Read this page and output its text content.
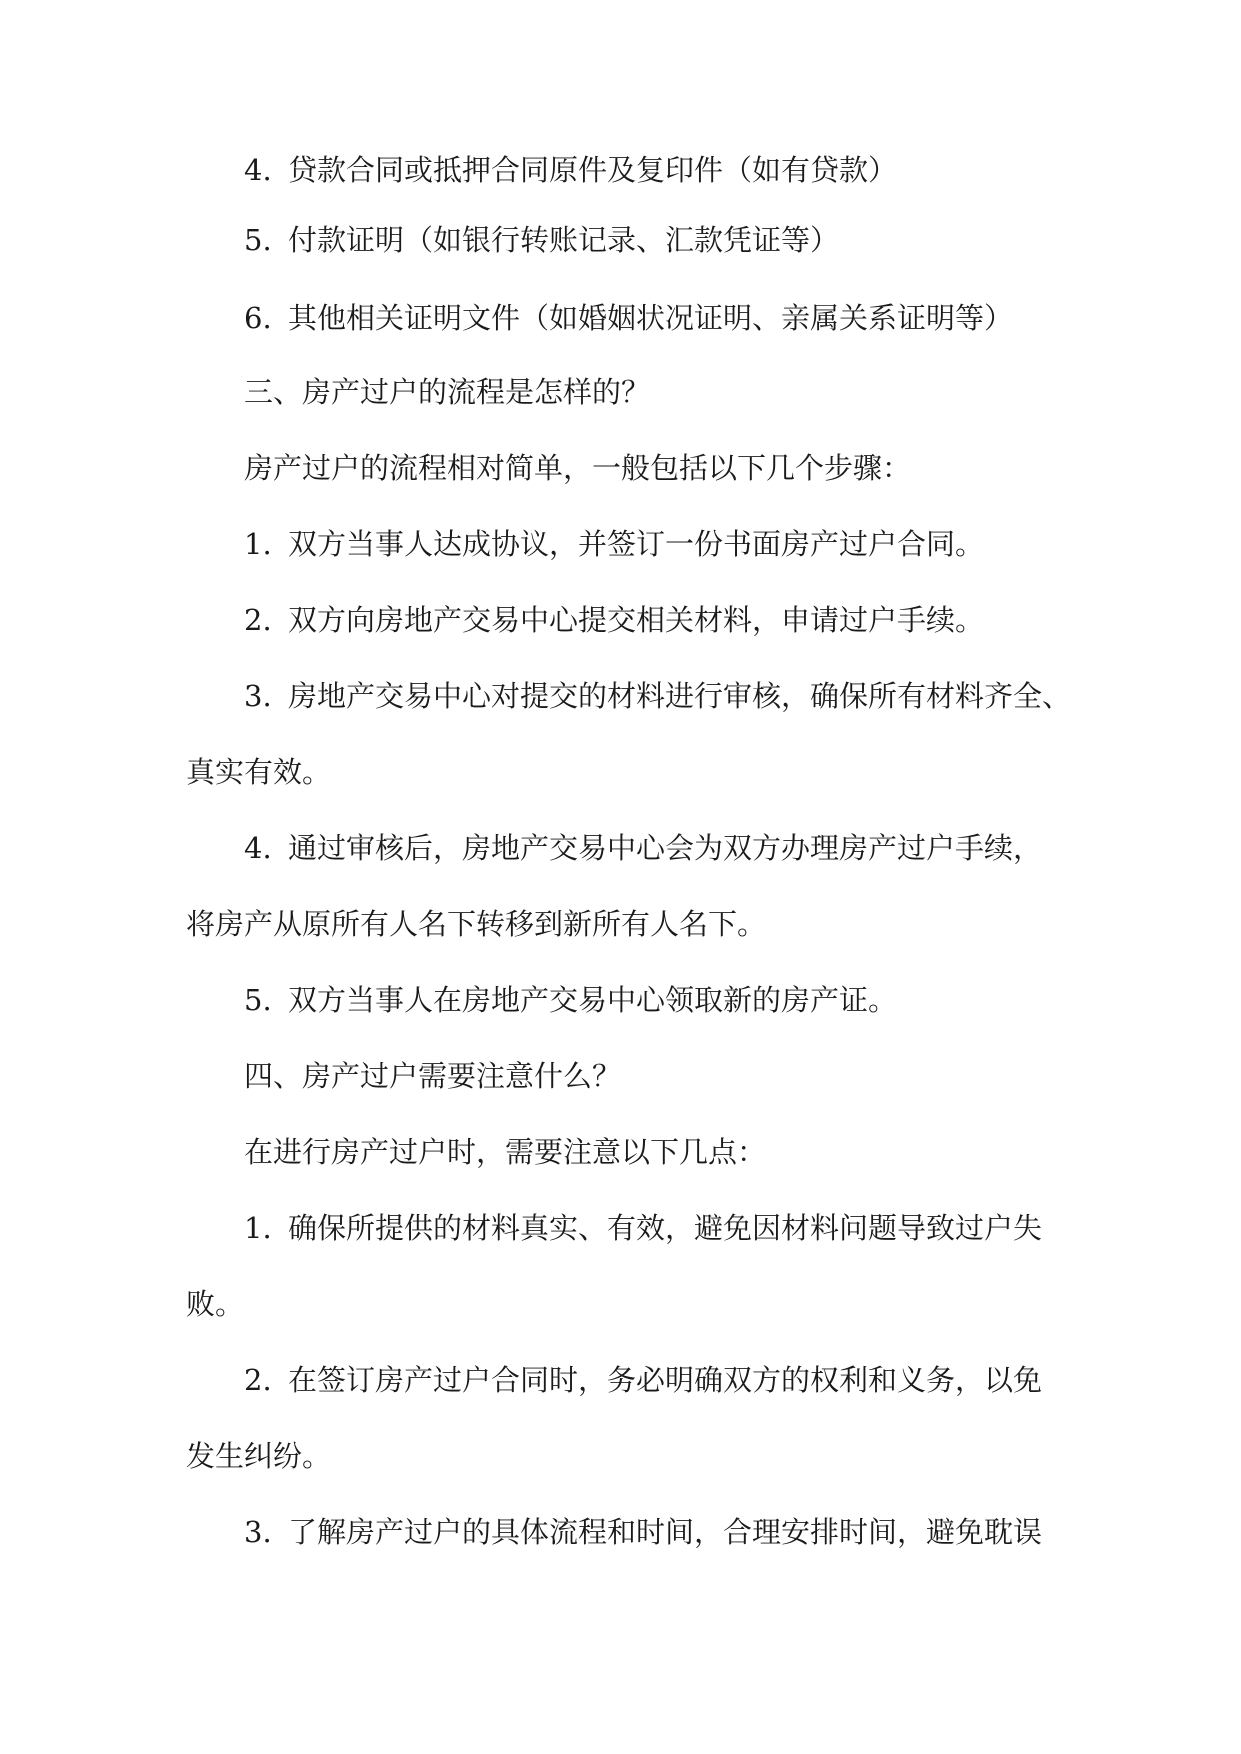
4. 贷款合同或抵押合同原件及复印件（如有贷款）

5. 付款证明（如银行转账记录、汇款凭证等）

6. 其他相关证明文件（如婚姻状况证明、亲属关系证明等）

三、房产过户的流程是怎样的？

房产过户的流程相对简单，一般包括以下几个步骤：

1. 双方当事人达成协议，并签订一份书面房产过户合同。

2. 双方向房地产交易中心提交相关材料，申请过户手续。

3. 房地产交易中心对提交的材料进行审核，确保所有材料齐全、

真实有效。

4. 通过审核后，房地产交易中心会为双方办理房产过户手续，

将房产从原所有人名下转移到新所有人名下。

5. 双方当事人在房地产交易中心领取新的房产证。

四、房产过户需要注意什么？

在进行房产过户时，需要注意以下几点：

1. 确保所提供的材料真实、有效，避免因材料问题导致过户失

败。

2. 在签订房产过户合同时，务必明确双方的权利和义务，以免

发生纠纷。

3. 了解房产过户的具体流程和时间，合理安排时间，避免耽误
